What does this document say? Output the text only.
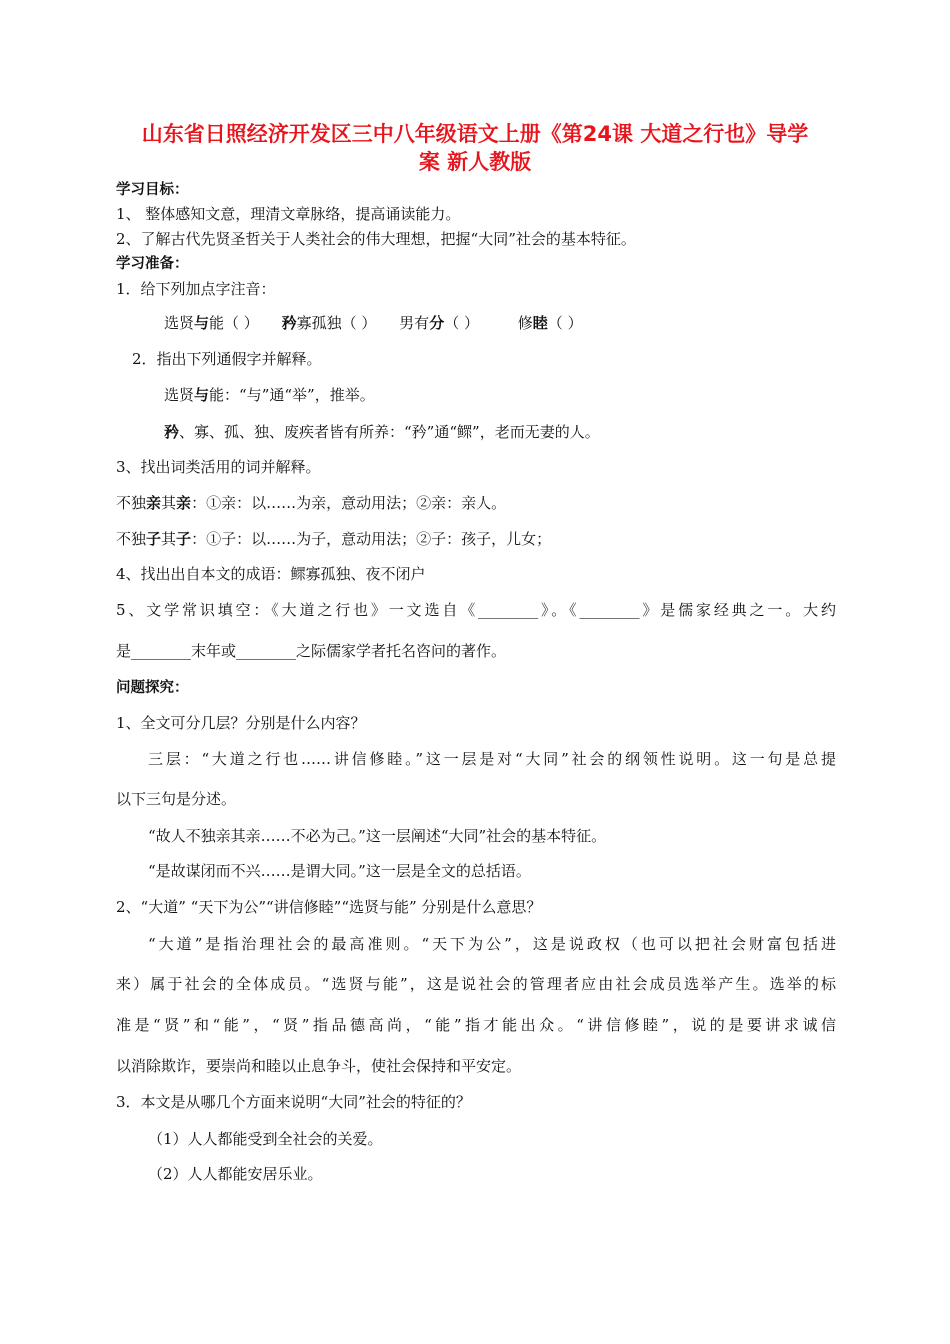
山东省日照经济开发区三中八年级语文上册《第24课 大道之行也》导学
案 新人教版
学习目标：
1、 整体感知文意，理清文章脉络，提高诵读能力。
2、了解古代先贤圣哲关于人类社会的伟大理想，把握“大同”社会的基本特征。
学习准备：
1．给下列加点字注音：
选贤与能（ ） 矜寡孤独（ ） 男有分（ ）	修睦（ ）
2．指出下列通假字并解释。
选贤与能：“与”通“举”，推举。
矜、寡、孤、独、废疾者皆有所养：“矜”通“鳏”，老而无妻的人。
3、找出词类活用的词并解释。
不独亲其亲：①亲：以……为亲，意动用法；②亲：亲人。
不独子其子：①子：以……为子，意动用法；②子：孩子，儿女；
4、找出出自本文的成语：鳏寡孤独、夜不闭户
5、文学常识填空：《大道之行也》一文选自《________》。《________》是儒家经典之一。大约
是________末年或________之际儒家学者托名咨问的著作。
问题探究：
1、全文可分几层？分别是什么内容？
三层：“大道之行也……讲信修睦。”这一层是对“大同”社会的纲领性说明。这一句是总提
以下三句是分述。
“故人不独亲其亲……不必为己。”这一层阐述“大同”社会的基本特征。
“是故谋闭而不兴……是谓大同。”这一层是全文的总括语。
2、“大道” “天下为公”“讲信修睦”“选贤与能” 分别是什么意思？
“大道”是指治理社会的最高准则。“天下为公”，这是说政权（也可以把社会财富包括进
来）属于社会的全体成员。“选贤与能”，这是说社会的管理者应由社会成员选举产生。选举的标
准是“贤”和“能”，“贤”指品德高尚，“能”指才能出众。“讲信修睦”，说的是要讲求诚信
以消除欺诈，要崇尚和睦以止息争斗，使社会保持和平安定。
3．本文是从哪几个方面来说明“大同”社会的特征的？
（1）人人都能受到全社会的关爱。
（2）人人都能安居乐业。
